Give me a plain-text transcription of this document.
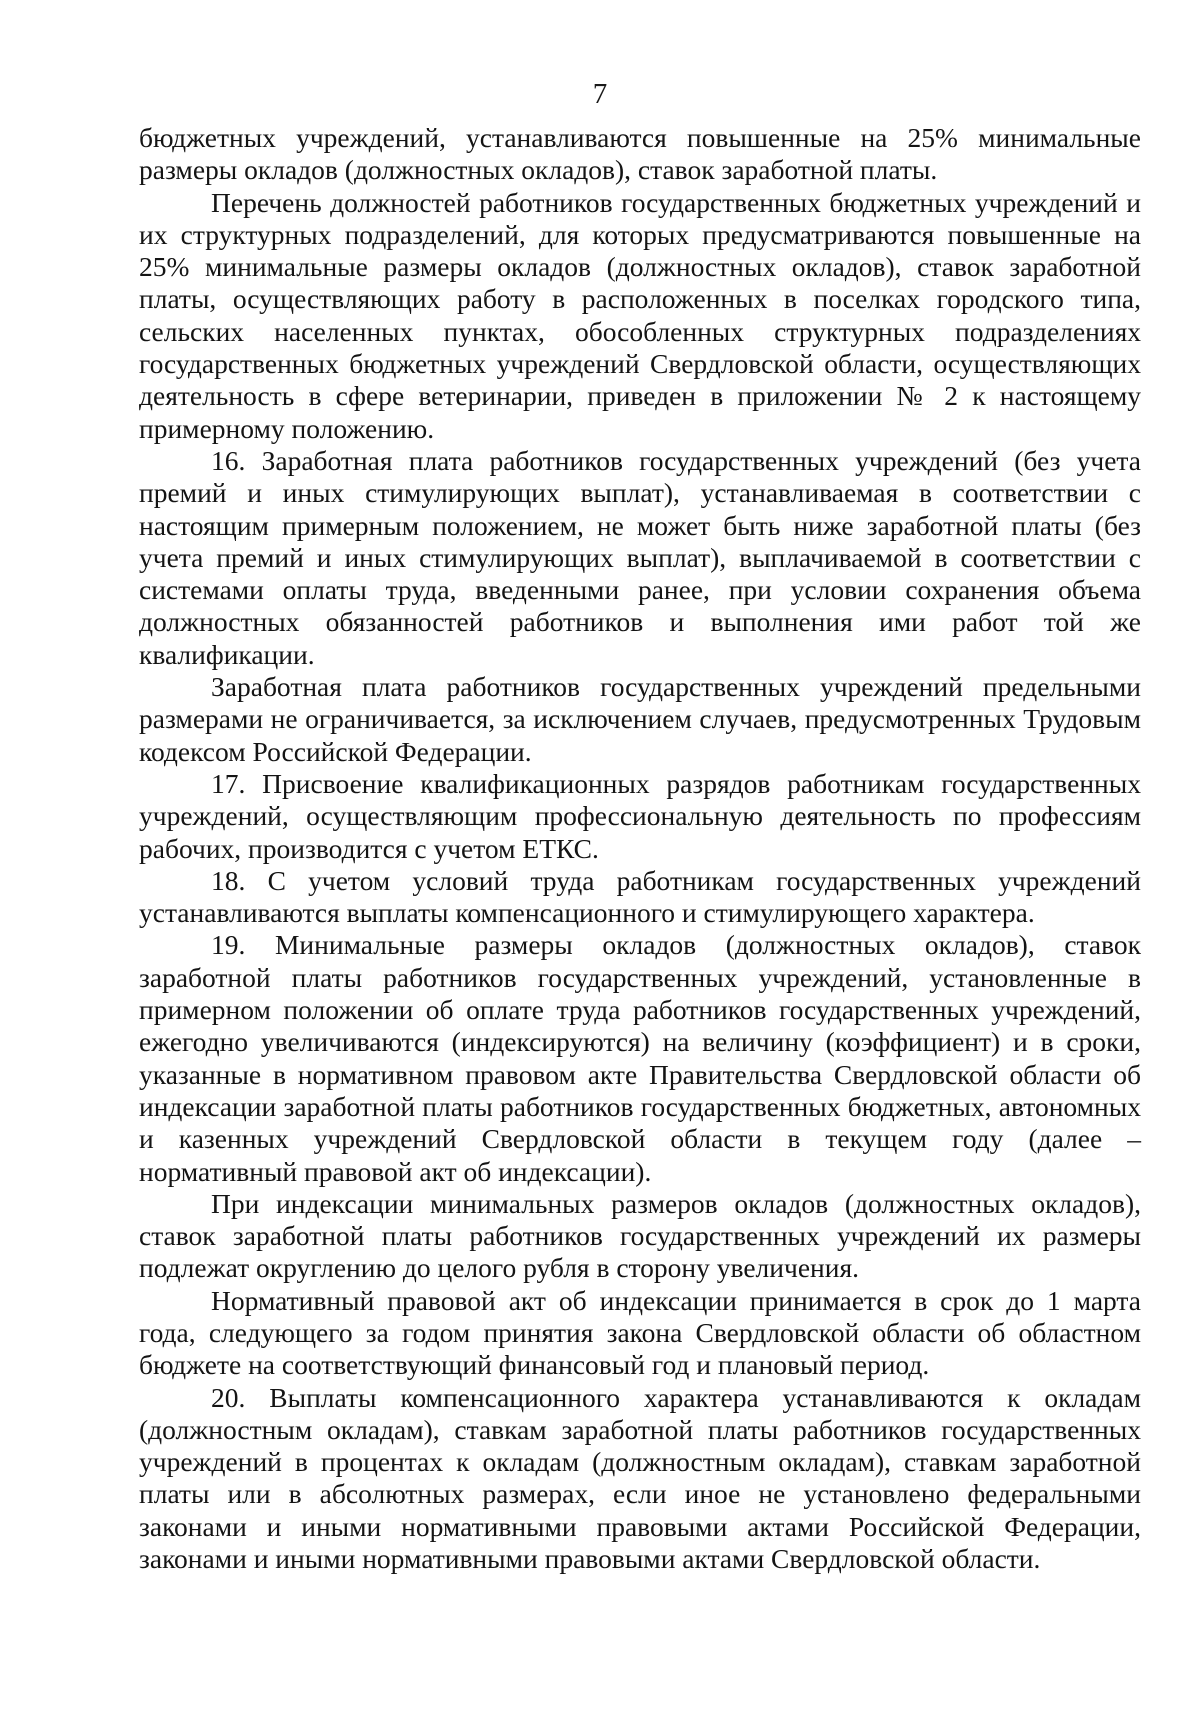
7

бюджетных учреждений, устанавливаются повышенные на 25% минимальные размеры окладов (должностных окладов), ставок заработной платы.

Перечень должностей работников государственных бюджетных учреждений и их структурных подразделений, для которых предусматриваются повышенные на 25% минимальные размеры окладов (должностных окладов), ставок заработной платы, осуществляющих работу в расположенных в поселках городского типа, сельских населенных пунктах, обособленных структурных подразделениях государственных бюджетных учреждений Свердловской области, осуществляющих деятельность в сфере ветеринарии, приведен в приложении № 2 к настоящему примерному положению.

16. Заработная плата работников государственных учреждений (без учета премий и иных стимулирующих выплат), устанавливаемая в соответствии с настоящим примерным положением, не может быть ниже заработной платы (без учета премий и иных стимулирующих выплат), выплачиваемой в соответствии с системами оплаты труда, введенными ранее, при условии сохранения объема должностных обязанностей работников и выполнения ими работ той же квалификации.

Заработная плата работников государственных учреждений предельными размерами не ограничивается, за исключением случаев, предусмотренных Трудовым кодексом Российской Федерации.

17. Присвоение квалификационных разрядов работникам государственных учреждений, осуществляющим профессиональную деятельность по профессиям рабочих, производится с учетом ЕТКС.

18. С учетом условий труда работникам государственных учреждений устанавливаются выплаты компенсационного и стимулирующего характера.

19. Минимальные размеры окладов (должностных окладов), ставок заработной платы работников государственных учреждений, установленные в примерном положении об оплате труда работников государственных учреждений, ежегодно увеличиваются (индексируются) на величину (коэффициент) и в сроки, указанные в нормативном правовом акте Правительства Свердловской области об индексации заработной платы работников государственных бюджетных, автономных и казенных учреждений Свердловской области в текущем году (далее – нормативный правовой акт об индексации).

При индексации минимальных размеров окладов (должностных окладов), ставок заработной платы работников государственных учреждений их размеры подлежат округлению до целого рубля в сторону увеличения.

Нормативный правовой акт об индексации принимается в срок до 1 марта года, следующего за годом принятия закона Свердловской области об областном бюджете на соответствующий финансовый год и плановый период.

20. Выплаты компенсационного характера устанавливаются к окладам (должностным окладам), ставкам заработной платы работников государственных учреждений в процентах к окладам (должностным окладам), ставкам заработной платы или в абсолютных размерах, если иное не установлено федеральными законами и иными нормативными правовыми актами Российской Федерации, законами и иными нормативными правовыми актами Свердловской области.
